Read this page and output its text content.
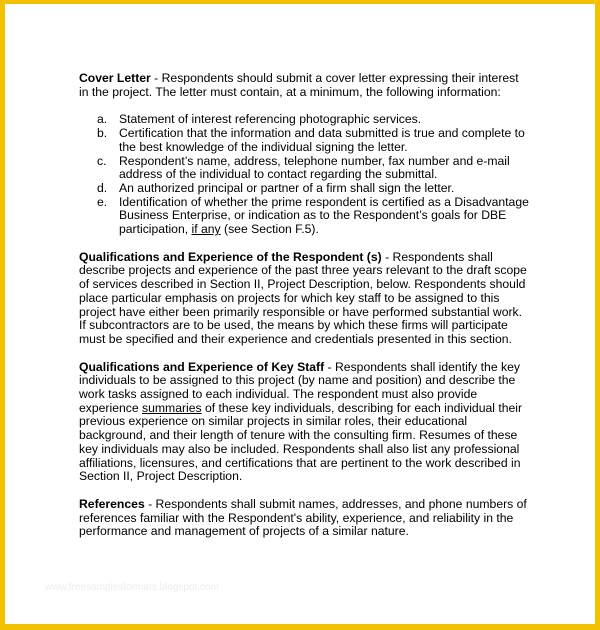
Cover Letter - Respondents should submit a cover letter expressing their interest in the project. The letter must contain, at a minimum, the following information:

a. Statement of interest referencing photographic services.
b. Certification that the information and data submitted is true and complete to the best knowledge of the individual signing the letter.
c.	Respondent’s name, address, telephone number, fax number and e-mail address of the individual to contact regarding the submittal.
d. An authorized principal or partner of a firm shall sign the letter.
e. Identification of whether the prime respondent is certified as a Disadvantage Business Enterprise, or indication as to the Respondent’s goals for DBE participation, if any (see Section F.5).

Qualifications and Experience of the Respondent (s) - Respondents shall describe projects and experience of the past three years relevant to the draft scope of services described in Section II, Project Description, below. Respondents should place particular emphasis on projects for which key staff to be assigned to this project have either been primarily responsible or have performed substantial work. If subcontractors are to be used, the means by which these firms will participate must be specified and their experience and credentials presented in this section.

Qualifications and Experience of Key Staff - Respondents shall identify the key individuals to be assigned to this project (by name and position) and describe the work tasks assigned to each individual. The respondent must also provide experience summaries of these key individuals, describing for each individual their previous experience on similar projects in similar roles, their educational background, and their length of tenure with the consulting firm. Resumes of these key individuals may also be included. Respondents shall also list any professional affiliations, licensures, and certifications that are pertinent to the work described in Section II, Project Description.

References - Respondents shall submit names, addresses, and phone numbers of references familiar with the Respondent's ability, experience, and reliability in the performance and management of projects of a similar nature.

www.freesamplesformats.blogspot.com
